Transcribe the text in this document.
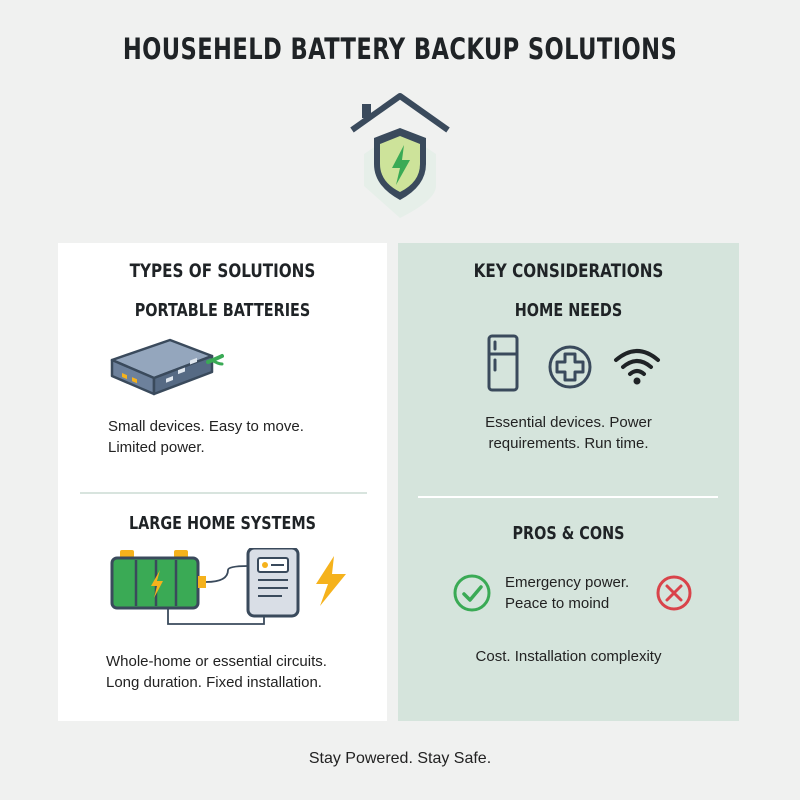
HOUSEHELD BATTERY BACKUP SOLUTIONS
TYPES OF SOLUTIONS
PORTABLE BATTERIES
Small devices. Easy to move.
Limited power.
LARGE HOME SYSTEMS
Whole-home or essential circuits.
Long duration. Fixed installation.
KEY CONSIDERATIONS
HOME NEEDS
Essential devices. Power
requirements. Run time.
PROS & CONS
Emergency power.
Peace to moind
Cost. Installation complexity
Stay Powered. Stay Safe.
